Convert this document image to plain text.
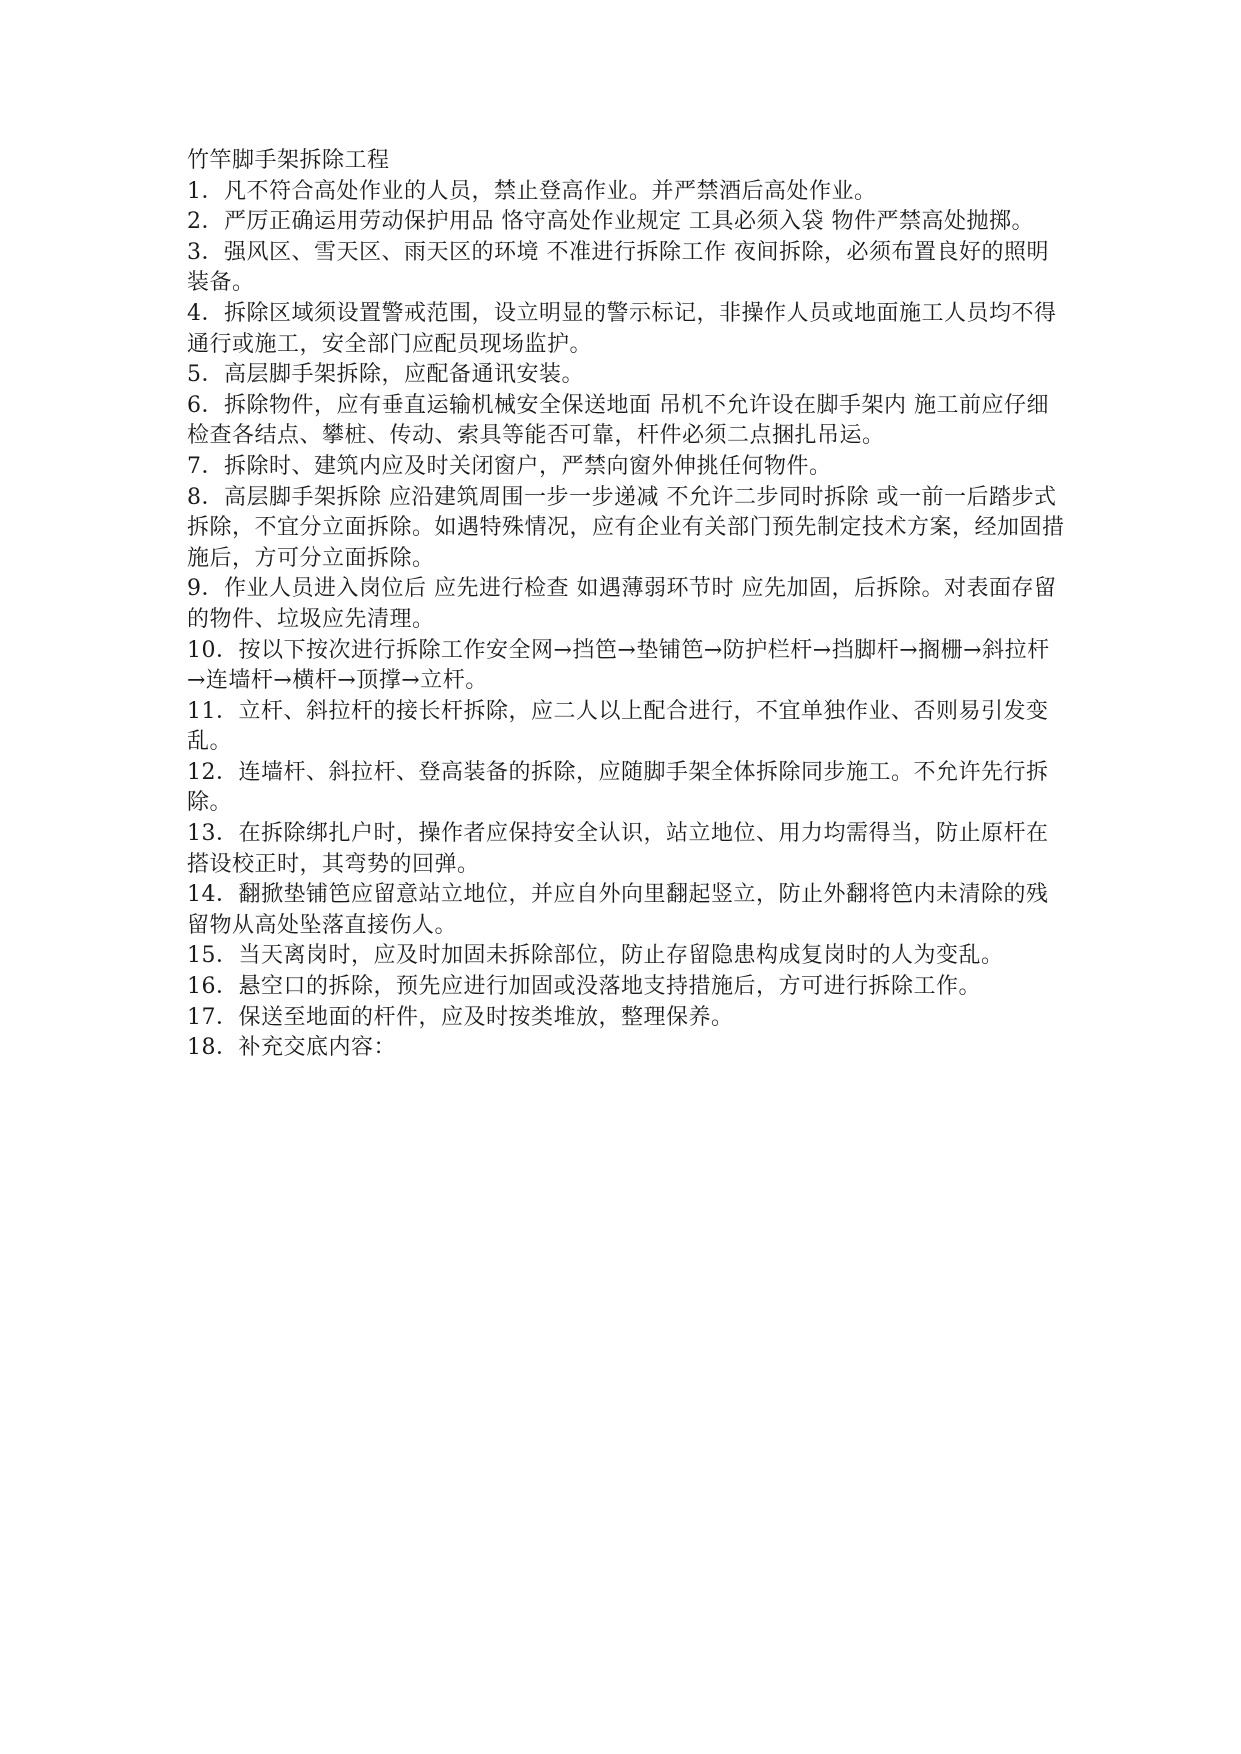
竹竿脚手架拆除工程

1．凡不符合高处作业的人员，禁止登高作业。并严禁酒后高处作业。

2．严厉正确运用劳动保护用品 恪守高处作业规定 工具必须入袋 物件严禁高处抛掷。

3．强风区、雪天区、雨天区的环境 不准进行拆除工作 夜间拆除，必须布置良好的照明装备。

4．拆除区域须设置警戒范围，设立明显的警示标记，非操作人员或地面施工人员均不得通行或施工，安全部门应配员现场监护。

5．高层脚手架拆除，应配备通讯安装。

6．拆除物件，应有垂直运输机械安全保送地面 吊机不允许设在脚手架内 施工前应仔细检查各结点、攀桩、传动、索具等能否可靠，杆件必须二点捆扎吊运。

7．拆除时、建筑内应及时关闭窗户，严禁向窗外伸挑任何物件。

8．高层脚手架拆除 应沿建筑周围一步一步递减 不允许二步同时拆除 或一前一后踏步式拆除，不宜分立面拆除。如遇特殊情况，应有企业有关部门预先制定技术方案，经加固措施后，方可分立面拆除。

9．作业人员进入岗位后 应先进行检查 如遇薄弱环节时 应先加固，后拆除。对表面存留的物件、垃圾应先清理。

10．按以下按次进行拆除工作安全网→挡笆→垫铺笆→防护栏杆→挡脚杆→搁栅→斜拉杆→连墙杆→横杆→顶撑→立杆。

11．立杆、斜拉杆的接长杆拆除，应二人以上配合进行，不宜单独作业、否则易引发变乱。

12．连墙杆、斜拉杆、登高装备的拆除，应随脚手架全体拆除同步施工。不允许先行拆除。

13．在拆除绑扎户时，操作者应保持安全认识，站立地位、用力均需得当，防止原杆在搭设校正时，其弯势的回弹。

14．翻掀垫铺笆应留意站立地位，并应自外向里翻起竖立，防止外翻将笆内未清除的残留物从高处坠落直接伤人。

15．当天离岗时，应及时加固未拆除部位，防止存留隐患构成复岗时的人为变乱。

16．悬空口的拆除，预先应进行加固或没落地支持措施后，方可进行拆除工作。

17．保送至地面的杆件，应及时按类堆放，整理保养。

18．补充交底内容：
